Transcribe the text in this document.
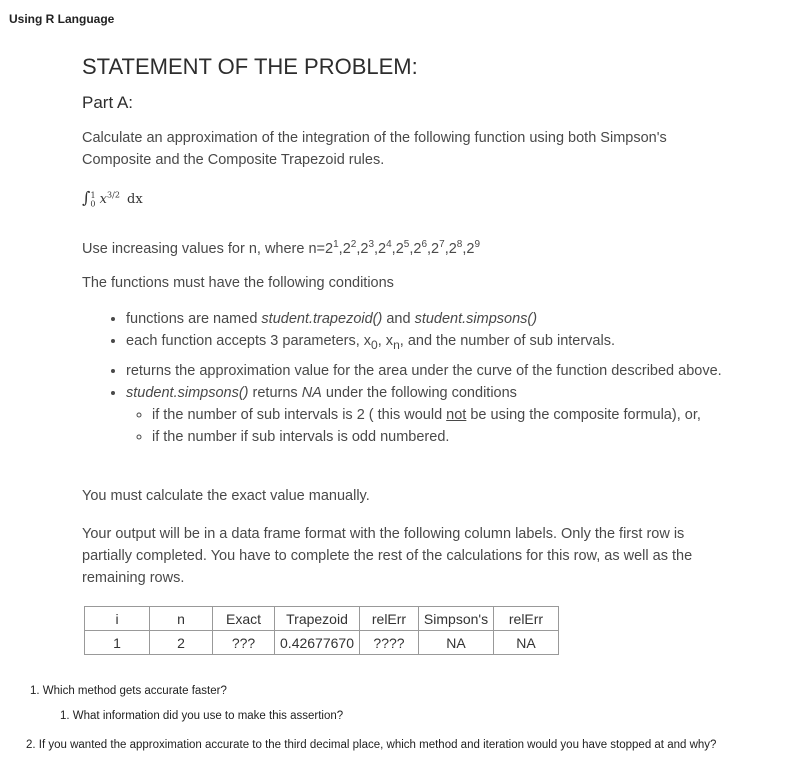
Using R Language
STATEMENT OF THE PROBLEM:
Part A:
Calculate an approximation of the integration of the following function using both Simpson's
Composite and the Composite Trapezoid rules.
$\int_0^1$ $x^{3/2}$ dx
Use increasing values for n, where $n=2^1,2^2,2^3,2^4,2^5,2^6,2^7,2^8,2^9$
The functions must have the following conditions
• functions are named student.trapezoid() and student.simpsons()
• each function accepts 3 parameters, $x_0$, $x_n$, and the number of sub intervals.
• returns the approximation value for the area under the curve of the function described above.
• student.simpsons() returns NA under the following conditions
◦ if the number of sub intervals is 2 ( this would not be using the composite formula), or,
◦ if the number if sub intervals is odd numbered.
You must calculate the exact value manually.
Your output will be in a data frame format with the following column labels. Only the first row is
partially completed. You have to complete the rest of the calculations for this row, as well as the
remaining rows.
i	n	Exact	Trapezoid	relErr	Simpson's	relErr
1	2	???	0.42677670	????	NA	NA
1. Which method gets accurate faster?
1. What information did you use to make this assertion?
2. If you wanted the approximation accurate to the third decimal place, which method and iteration would you have stopped at and why?
